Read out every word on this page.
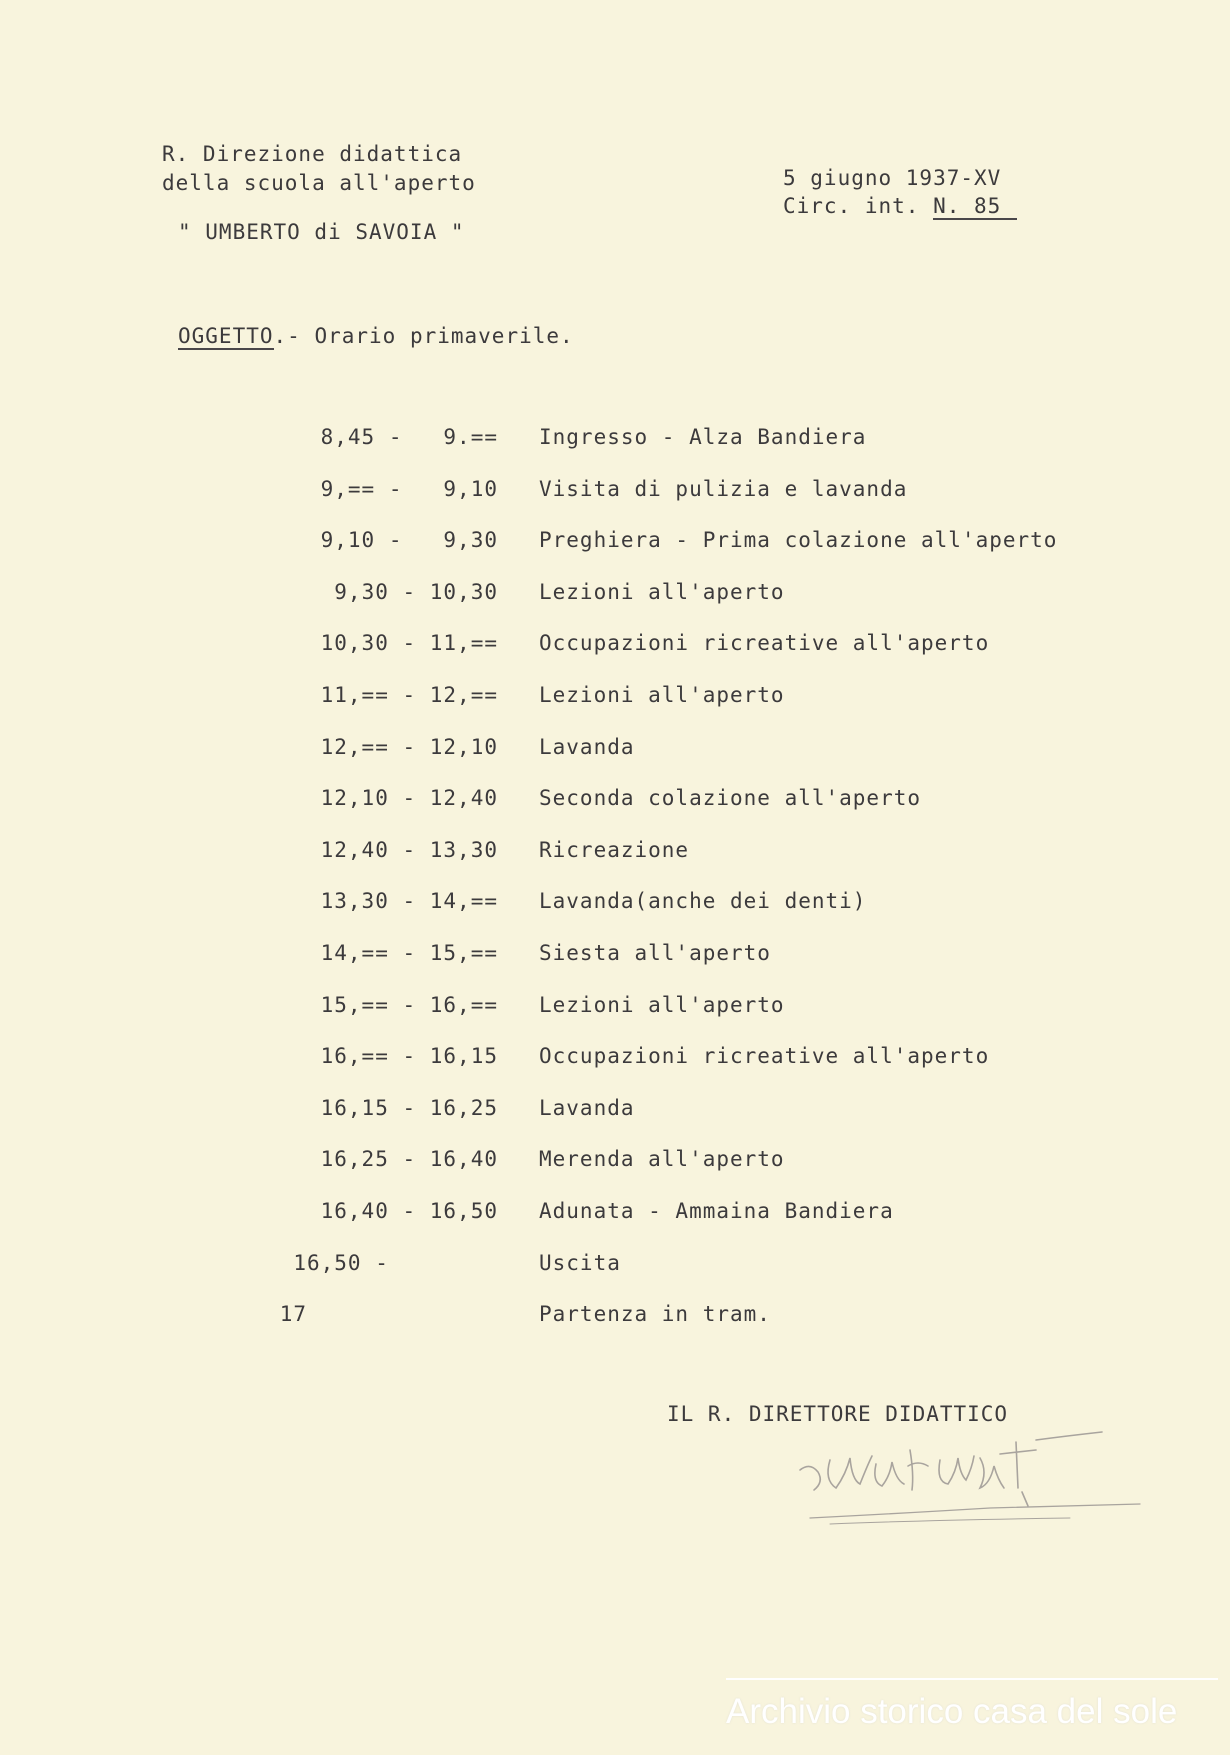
R. Direzione didattica
della scuola all'aperto
" UMBERTO di SAVOIA "
5 giugno 1937-XV
Circ. int. N. 85
OGGETTO.- Orario primaverile.
8,45 -   9.== Ingresso - Alza Bandiera
9,== -   9,10 Visita di pulizia e lavanda
9,10 -   9,30 Preghiera - Prima colazione all'aperto
9,30 - 10,30 Lezioni all'aperto
10,30 - 11,== Occupazioni ricreative all'aperto
11,== - 12,== Lezioni all'aperto
12,== - 12,10 Lavanda
12,10 - 12,40 Seconda colazione all'aperto
12,40 - 13,30 Ricreazione
13,30 - 14,== Lavanda(anche dei denti)
14,== - 15,== Siesta all'aperto
15,== - 16,== Lezioni all'aperto
16,== - 16,15 Occupazioni ricreative all'aperto
16,15 - 16,25 Lavanda
16,25 - 16,40 Merenda all'aperto
16,40 - 16,50 Adunata - Ammaina Bandiera
16,50 - Uscita
17 Partenza in tram.
IL R. DIRETTORE DIDATTICO
Archivio storico casa del sole
